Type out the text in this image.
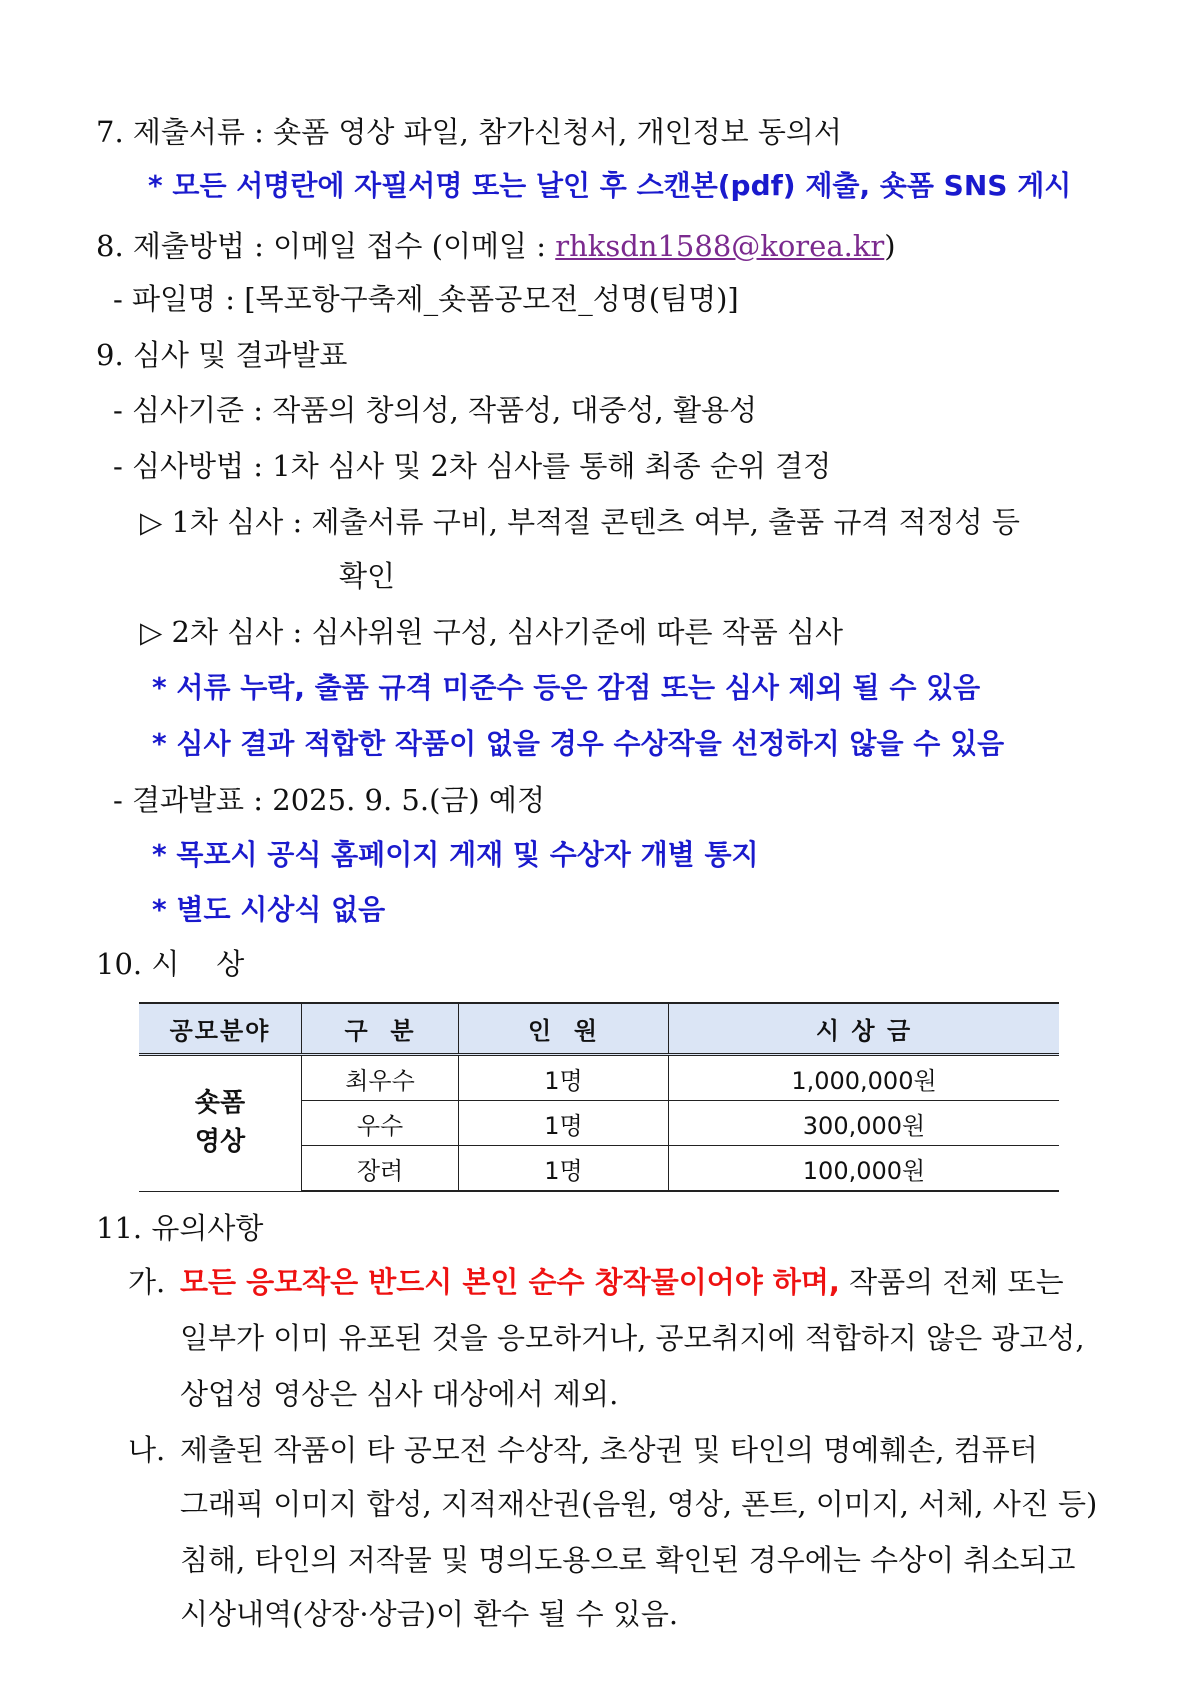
7. 제출서류 : 숏폼 영상 파일, 참가신청서, 개인정보 동의서
* 모든 서명란에 자필서명 또는 날인 후 스캔본(pdf) 제출, 숏폼 SNS 게시
8. 제출방법 : 이메일 접수 (이메일 : rhksdn1588@korea.kr)
- 파일명 : [목포항구축제_숏폼공모전_성명(팀명)]
9. 심사 및 결과발표
- 심사기준 : 작품의 창의성, 작품성, 대중성, 활용성
- 심사방법 : 1차 심사 및 2차 심사를 통해 최종 순위 결정
▷ 1차 심사 : 제출서류 구비, 부적절 콘텐츠 여부, 출품 규격 적정성 등
확인
▷ 2차 심사 : 심사위원 구성, 심사기준에 따른 작품 심사
* 서류 누락, 출품 규격 미준수 등은 감점 또는 심사 제외 될 수 있음
* 심사 결과 적합한 작품이 없을 경우 수상작을 선정하지 않을 수 있음
- 결과발표 : 2025. 9. 5.(금) 예정
* 목포시 공식 홈페이지 게재 및 수상자 개별 통지
* 별도 시상식 없음
10. 시    상
공모분야	구  분	인  원	시 상 금

숏폼
영상	최우수	1명	1,000,000원
	우수	1명	300,000원
	장려	1명	100,000원
11. 유의사항
가. 모든 응모작은 반드시 본인 순수 창작물이어야 하며, 작품의 전체 또는
일부가 이미 유포된 것을 응모하거나, 공모취지에 적합하지 않은 광고성,
상업성 영상은 심사 대상에서 제외.
나. 제출된 작품이 타 공모전 수상작, 초상권 및 타인의 명예훼손, 컴퓨터
그래픽 이미지 합성, 지적재산권(음원, 영상, 폰트, 이미지, 서체, 사진 등)
침해, 타인의 저작물 및 명의도용으로 확인된 경우에는 수상이 취소되고
시상내역(상장·상금)이 환수 될 수 있음.
